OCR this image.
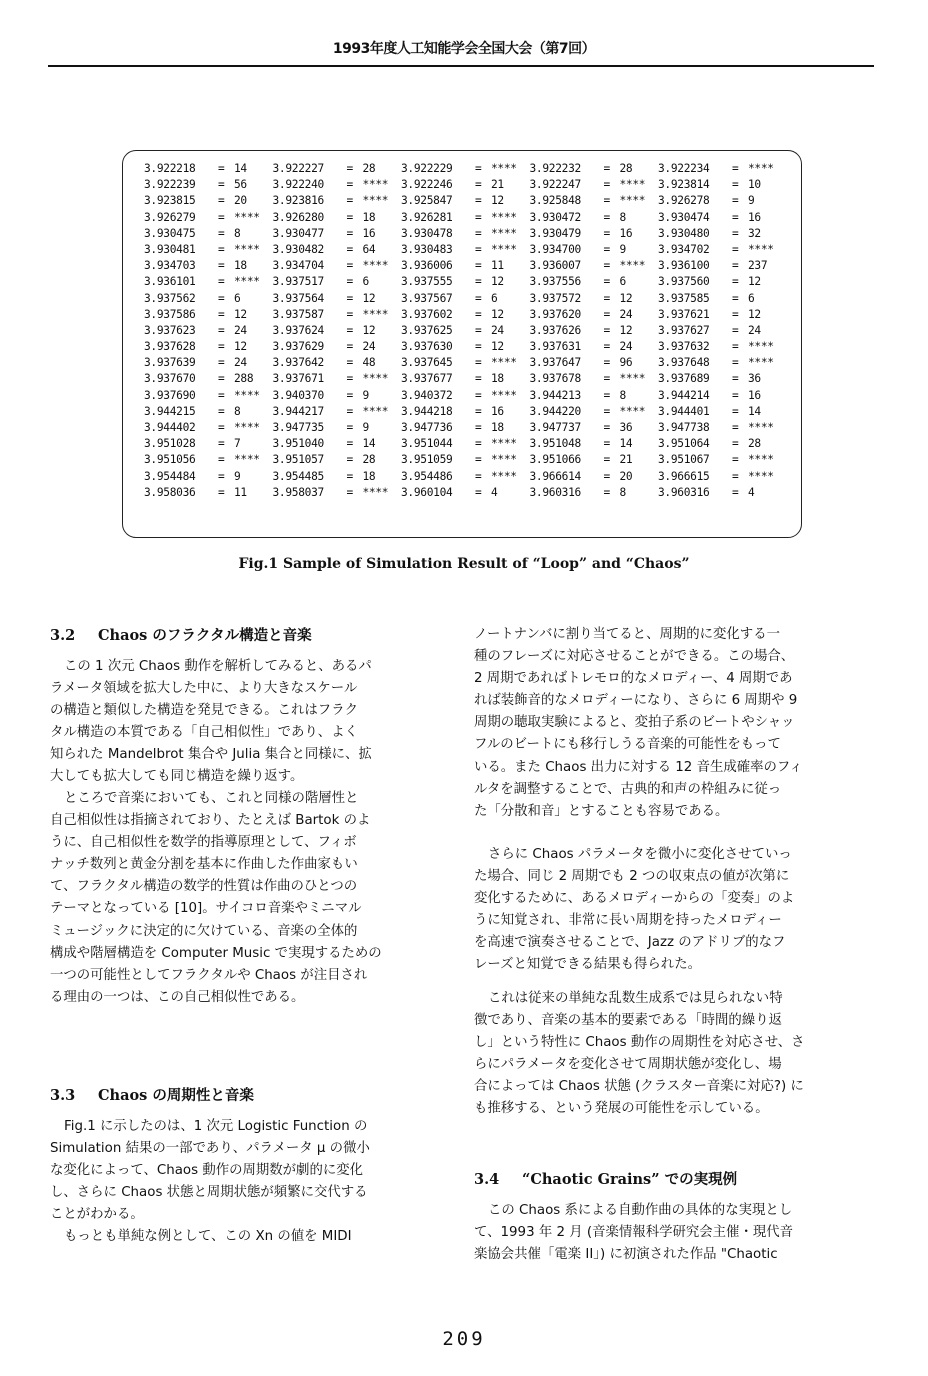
1993年度人工知能学会全国大会（第7回）
3.922218	= 14 3.922227	= 28 3.922229	= **** 3.922232	= 28 3.922234	= ****
3.922239	= 56 3.922240	= **** 3.922246	= 21 3.922247	= **** 3.923814	= 10
3.923815	= 20 3.923816	= **** 3.925847	= 12 3.925848	= **** 3.926278	= 9
3.926279	= **** 3.926280	= 18 3.926281	= **** 3.930472	= 8	3.930474	= 16
3.930475	= 8	3.930477	= 16 3.930478	= **** 3.930479	= 16 3.930480	= 32
3.930481	= **** 3.930482	= 64 3.930483	= **** 3.934700	= 9	3.934702	= ****
3.934703	= 18 3.934704	= **** 3.936006	= 11 3.936007	= **** 3.936100	= 237
3.936101	= **** 3.937517	= 6	3.937555	= 12 3.937556	= 6	3.937560	= 12
3.937562	= 6	3.937564	= 12 3.937567	= 6	3.937572	= 12 3.937585	= 6
3.937586	= 12 3.937587	= **** 3.937602	= 12 3.937620	= 24 3.937621	= 12
3.937623	= 24 3.937624	= 12 3.937625	= 24 3.937626	= 12 3.937627	= 24
3.937628	= 12 3.937629	= 24 3.937630	= 12 3.937631	= 24 3.937632	= ****
3.937639	= 24 3.937642	= 48 3.937645	= **** 3.937647	= 96 3.937648	= ****
3.937670	= 288 3.937671	= **** 3.937677	= 18 3.937678	= **** 3.937689	= 36
3.937690	= **** 3.940370	= 9	3.940372	= **** 3.944213	= 8	3.944214	= 16
3.944215	= 8	3.944217	= **** 3.944218	= 16 3.944220	= **** 3.944401	= 14
3.944402	= **** 3.947735	= 9	3.947736	= 18 3.947737	= 36 3.947738	= ****
3.951028	= 7	3.951040	= 14 3.951044	= **** 3.951048	= 14 3.951064	= 28
3.951056	= **** 3.951057	= 28 3.951059	= **** 3.951066	= 21 3.951067	= ****
3.954484	= 9	3.954485	= 18 3.954486	= **** 3.966614	= 20 3.966615	= ****
3.958036	= 11 3.958037	= **** 3.960104	= 4	3.960316	= 8	3.960316	= 4
Fig.1 Sample of Simulation Result of “Loop” and “Chaos”
3.2 Chaos のフラクタル構造と音楽
この 1 次元 Chaos 動作を解析してみると、あるパ
ラメータ領域を拡大した中に、より大きなスケール
の構造と類似した構造を発見できる。これはフラク
タル構造の本質である「自己相似性」であり、よく
知られた Mandelbrot 集合や Julia 集合と同様に、拡
大しても拡大しても同じ構造を繰り返す。
ところで音楽においても、これと同様の階層性と
自己相似性は指摘されており、たとえば Bartok のよ
うに、自己相似性を数学的指導原理として、フィボ
ナッチ数列と黄金分割を基本に作曲した作曲家もい
て、フラクタル構造の数学的性質は作曲のひとつの
テーマとなっている [10]。サイコロ音楽やミニマル
ミュージックに決定的に欠けている、音楽の全体的
構成や階層構造を Computer Music で実現するための
一つの可能性としてフラクタルや Chaos が注目され
る理由の一つは、この自己相似性である。
3.3 Chaos の周期性と音楽
Fig.1 に示したのは、1 次元 Logistic Function の
Simulation 結果の一部であり、パラメータ μ の微小
な変化によって、Chaos 動作の周期数が劇的に変化
し、さらに Chaos 状態と周期状態が頻繁に交代する
ことがわかる。
もっとも単純な例として、この Xn の値を MIDI
ノートナンバに割り当てると、周期的に変化する一
種のフレーズに対応させることができる。この場合、
2 周期であればトレモロ的なメロディー、4 周期であ
れば装飾音的なメロディーになり、さらに 6 周期や 9
周期の聴取実験によると、変拍子系のビートやシャッ
フルのビートにも移行しうる音楽的可能性をもって
いる。また Chaos 出力に対する 12 音生成確率のフィ
ルタを調整することで、古典的和声の枠組みに従っ
た「分散和音」とすることも容易である。
さらに Chaos パラメータを微小に変化させていっ
た場合、同じ 2 周期でも 2 つの収束点の値が次第に
変化するために、あるメロディーからの「変奏」のよ
うに知覚され、非常に長い周期を持ったメロディー
を高速で演奏させることで、Jazz のアドリブ的なフ
レーズと知覚できる結果も得られた。
これは従来の単純な乱数生成系では見られない特
徴であり、音楽の基本的要素である「時間的繰り返
し」という特性に Chaos 動作の周期性を対応させ、さ
らにパラメータを変化させて周期状態が変化し、場
合によっては Chaos 状態 (クラスター音楽に対応?) に
も推移する、という発展の可能性を示している。
3.4 “Chaotic Grains” での実現例
この Chaos 系による自動作曲の具体的な実現とし
て、1993 年 2 月 (音楽情報科学研究会主催・現代音
楽協会共催「電楽 II」) に初演された作品 "Chaotic
209
